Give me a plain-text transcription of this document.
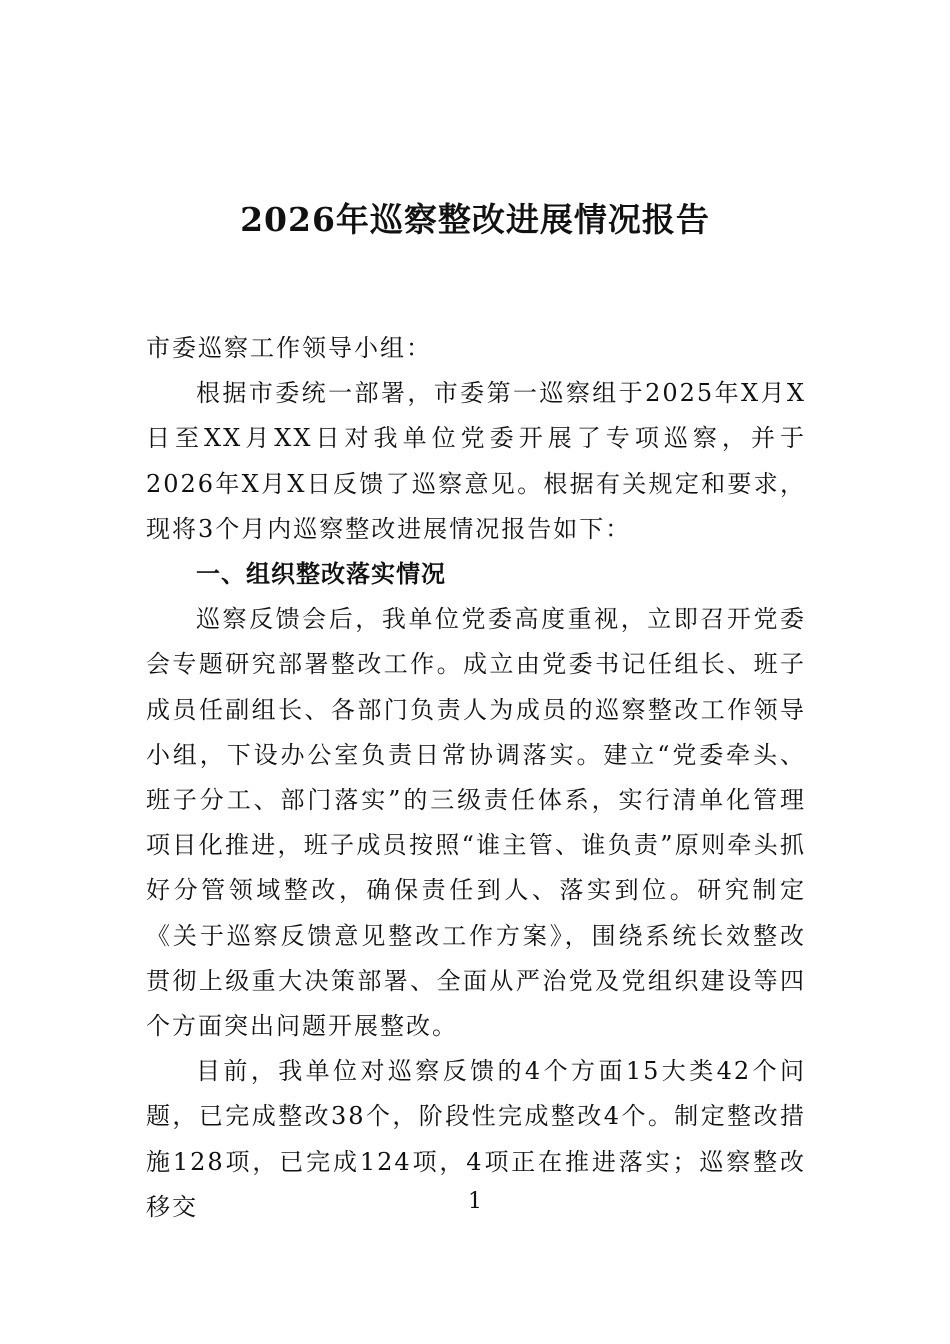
2026年巡察整改进展情况报告

市委巡察工作领导小组：

根据市委统一部署，市委第一巡察组于2025年X月X日至XX月XX日对我单位党委开展了专项巡察，并于2026年X月X日反馈了巡察意见。根据有关规定和要求，现将3个月内巡察整改进展情况报告如下：

一、组织整改落实情况

巡察反馈会后，我单位党委高度重视，立即召开党委会专题研究部署整改工作。成立由党委书记任组长、班子成员任副组长、各部门负责人为成员的巡察整改工作领导小组，下设办公室负责日常协调落实。建立“党委牵头、班子分工、部门落实”的三级责任体系，实行清单化管理项目化推进，班子成员按照“谁主管、谁负责”原则牵头抓好分管领域整改，确保责任到人、落实到位。研究制定《关于巡察反馈意见整改工作方案》，围绕系统长效整改贯彻上级重大决策部署、全面从严治党及党组织建设等四个方面突出问题开展整改。

目前，我单位对巡察反馈的4个方面15大类42个问题，已完成整改38个，阶段性完成整改4个。制定整改措施128项，已完成124项，4项正在推进落实；巡察整改移交	1
